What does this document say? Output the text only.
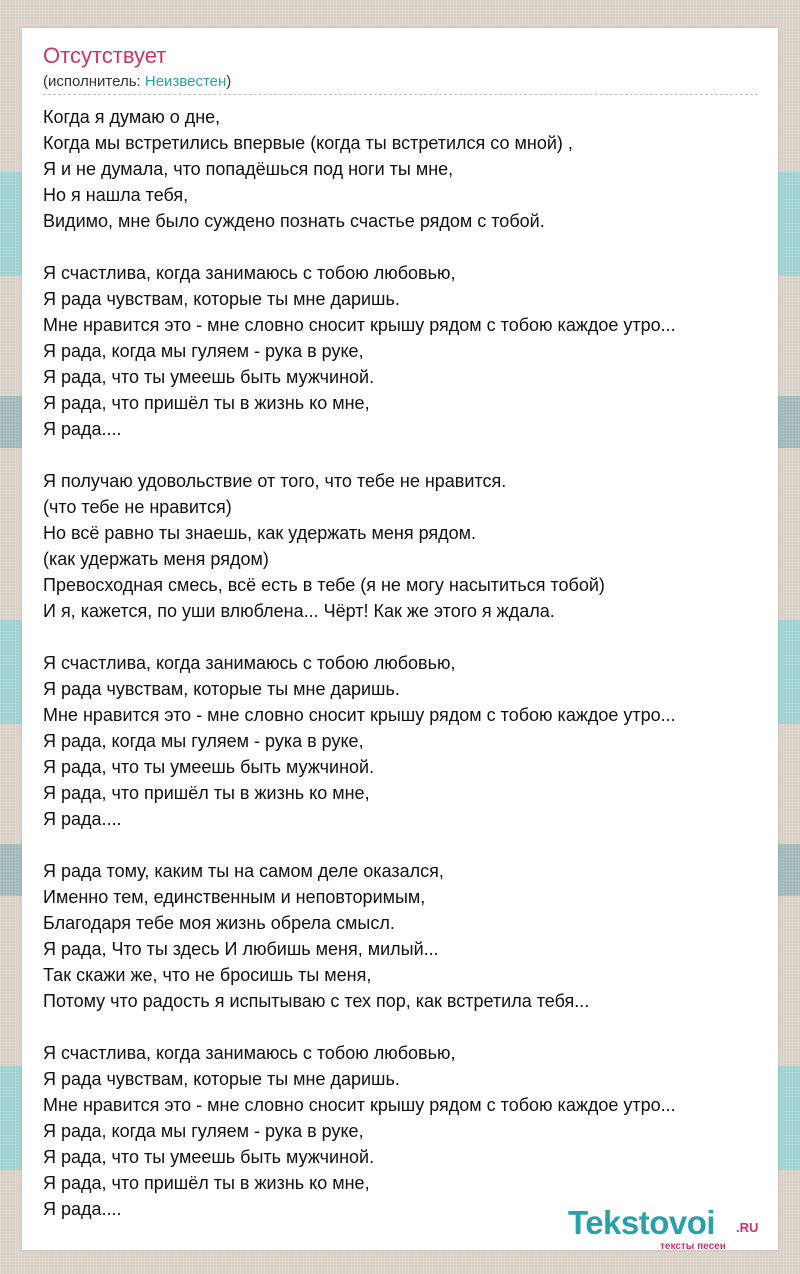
Отсутствует
(исполнитель: Неизвестен)
Когда я думаю о дне,
Когда мы встретились впервые (когда ты встретился со мной) ,
Я и не думала, что попадёшься под ноги ты мне,
Но я нашла тебя,
Видимо, мне было суждено познать счастье рядом с тобой.
Я счастлива, когда занимаюсь с тобою любовью,
Я рада чувствам, которые ты мне даришь.
Мне нравится это - мне словно сносит крышу рядом с тобою каждое утро...
Я рада, когда мы гуляем - рука в руке,
Я рада, что ты умеешь быть мужчиной.
Я рада, что пришёл ты в жизнь ко мне,
Я рада....
Я получаю удовольствие от того, что тебе не нравится.
(что тебе не нравится)
Но всё равно ты знаешь, как удержать меня рядом.
(как удержать меня рядом)
Превосходная смесь, всё есть в тебе (я не могу насытиться тобой)
И я, кажется, по уши влюблена... Чёрт! Как же этого я ждала.
Я счастлива, когда занимаюсь с тобою любовью,
Я рада чувствам, которые ты мне даришь.
Мне нравится это - мне словно сносит крышу рядом с тобою каждое утро...
Я рада, когда мы гуляем - рука в руке,
Я рада, что ты умеешь быть мужчиной.
Я рада, что пришёл ты в жизнь ко мне,
Я рада....
Я рада тому, каким ты на самом деле оказался,
Именно тем, единственным и неповторимым,
Благодаря тебе моя жизнь обрела смысл.
Я рада, Что ты здесь И любишь меня, милый...
Так скажи же, что не бросишь ты меня,
Потому что радость я испытываю с тех пор, как встретила тебя...
Я счастлива, когда занимаюсь с тобою любовью,
Я рада чувствам, которые ты мне даришь.
Мне нравится это - мне словно сносит крышу рядом с тобою каждое утро...
Я рада, когда мы гуляем - рука в руке,
Я рада, что ты умеешь быть мужчиной.
Я рада, что пришёл ты в жизнь ко мне,
Я рада....	Tekstovoi .RU
тексты песен
